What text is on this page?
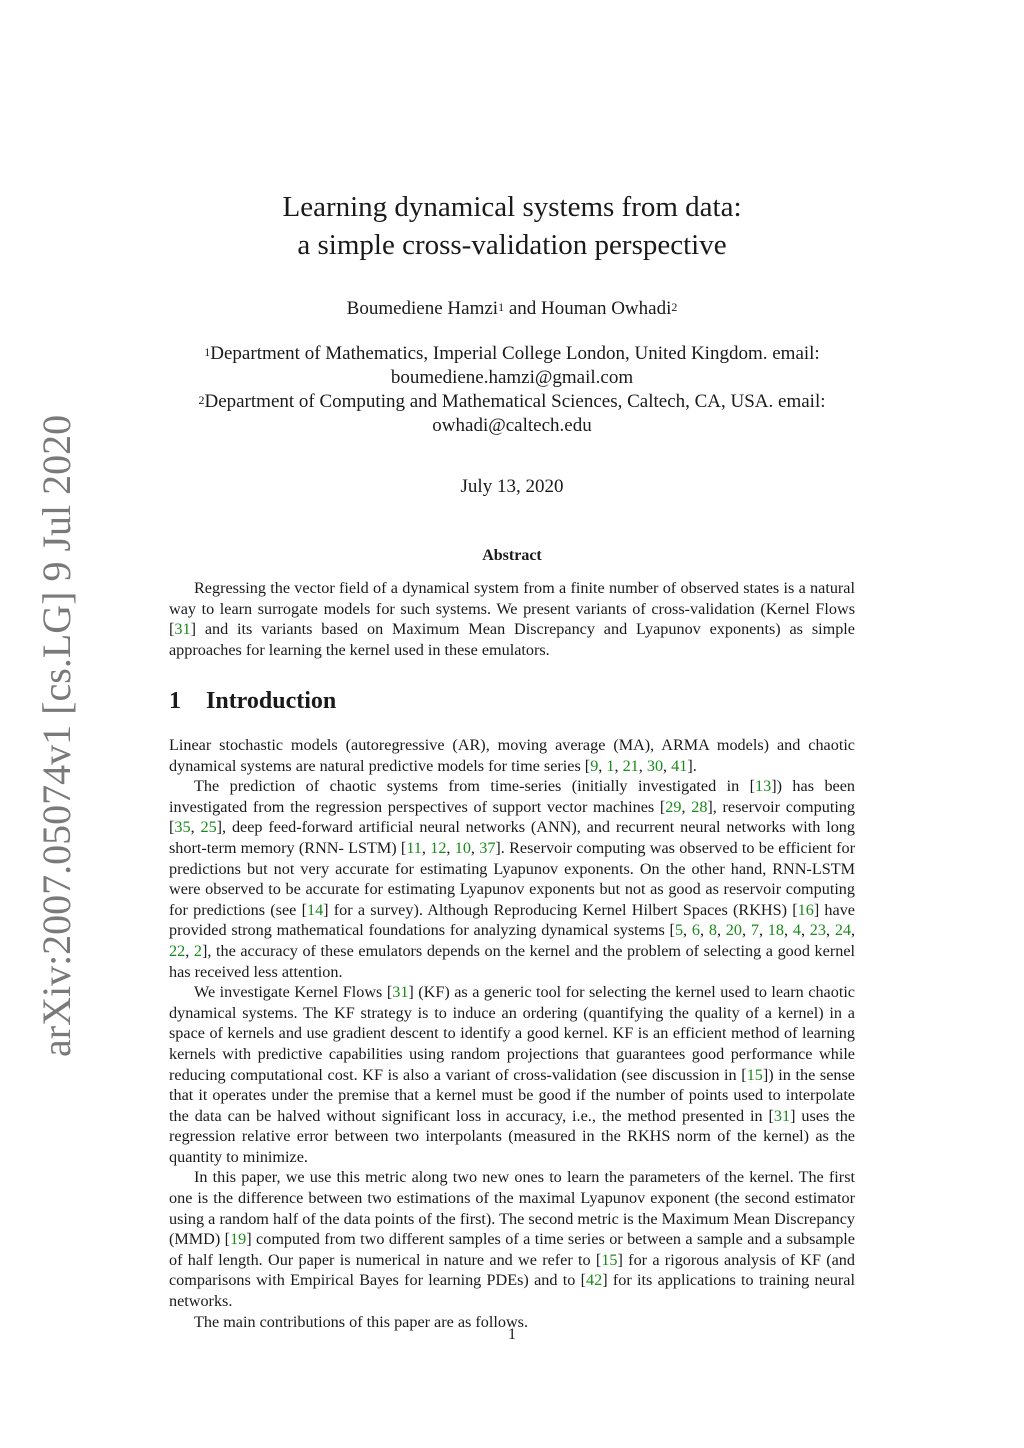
arXiv:2007.05074v1 [cs.LG] 9 Jul 2020
Learning dynamical systems from data:
a simple cross-validation perspective
Boumediene Hamzi$^1$ and Houman Owhadi$^2$
$^1$Department of Mathematics, Imperial College London, United Kingdom. email:
boumediene.hamzi@gmail.com
$^2$Department of Computing and Mathematical Sciences, Caltech, CA, USA. email:
owhadi@caltech.edu
July 13, 2020
Abstract

Regressing the vector field of a dynamical system from a finite number of observed states is a natural way to learn surrogate models for such systems. We present variants of cross-validation (Kernel Flows [31] and its variants based on Maximum Mean Discrepancy and Lyapunov exponents) as simple approaches for learning the kernel used in these emulators.

1 Introduction

Linear stochastic models (autoregressive (AR), moving average (MA), ARMA models) and chaotic dynamical systems are natural predictive models for time series [9, 1, 21, 30, 41].

The prediction of chaotic systems from time-series (initially investigated in [13]) has been investigated from the regression perspectives of support vector machines [29, 28], reservoir computing [35, 25], deep feed-forward artificial neural networks (ANN), and recurrent neural networks with long short-term memory (RNN- LSTM) [11, 12, 10, 37]. Reservoir computing was observed to be efficient for predictions but not very accurate for estimating Lyapunov exponents. On the other hand, RNN-LSTM were observed to be accurate for estimating Lyapunov exponents but not as good as reservoir computing for predictions (see [14] for a survey). Although Reproducing Kernel Hilbert Spaces (RKHS) [16] have provided strong mathematical foundations for analyzing dynamical systems [5, 6, 8, 20, 7, 18, 4, 23, 24, 22, 2], the accuracy of these emulators depends on the kernel and the problem of selecting a good kernel has received less attention.

We investigate Kernel Flows [31] (KF) as a generic tool for selecting the kernel used to learn chaotic dynamical systems. The KF strategy is to induce an ordering (quantifying the quality of a kernel) in a space of kernels and use gradient descent to identify a good kernel. KF is an efficient method of learning kernels with predictive capabilities using random projections that guarantees good performance while reducing computational cost. KF is also a variant of cross-validation (see discussion in [15]) in the sense that it operates under the premise that a kernel must be good if the number of points used to interpolate the data can be halved without significant loss in accuracy, i.e., the method presented in [31] uses the regression relative error between two interpolants (measured in the RKHS norm of the kernel) as the quantity to minimize.

In this paper, we use this metric along two new ones to learn the parameters of the kernel. The first one is the difference between two estimations of the maximal Lyapunov exponent (the second estimator using a random half of the data points of the first). The second metric is the Maximum Mean Discrepancy (MMD) [19] computed from two different samples of a time series or between a sample and a subsample of half length. Our paper is numerical in nature and we refer to [15] for a rigorous analysis of KF (and comparisons with Empirical Bayes for learning PDEs) and to [42] for its applications to training neural networks.

The main contributions of this paper are as follows.

1
